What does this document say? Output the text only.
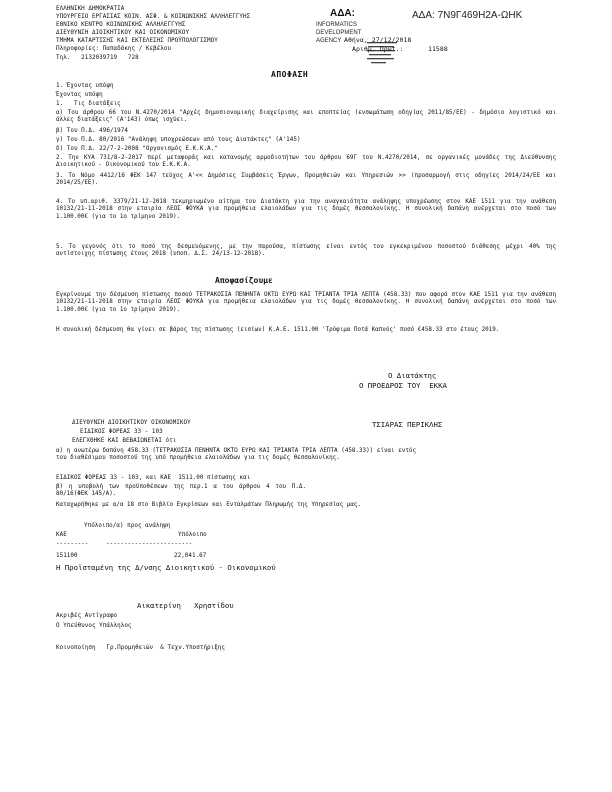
ΕΛΛΗΝΙΚΗ ΔΗΜΟΚΡΑΤΙΑ
ΥΠΟΥΡΓΕΙΟ ΕΡΓΑΣΙΑΣ ΚΟΙΝ. ΑΣΦ. & ΚΟΙΝΩΝΙΚΗΣ ΑΛΛΗΛΕΓΓΥΗΣ
ΕΘΝΙΚΟ ΚΕΝΤΡΟ ΚΟΙΝΩΝΙΚΗΣ ΑΛΛΗΛΕΓΓΥΗΣ
ΔΙΕΥΘΥΝΣΗ ΔΙΟΙΚΗΤΙΚΟΥ ΚΑΙ ΟΙΚΟΝΟΜΙΚΟΥ
ΤΜΗΜΑ ΚΑΤΑΡΤΙΣΗΣ ΚΑΙ ΕΚΤΕΛΕΣΗΣ ΠΡΟΫΠΟΛΟΓΙΣΜΟΥ
Πληροφορίες: Παπαδάκης / Κεβέλου
Τηλ.   2132039719   728
ΑΔΑ:	ΑΔΑ: 7Ν9Γ469Η2Α-ΩΗΚ
INFORMATICS
DEVELOPMENT
AGENCY

Αθήνα, 27/12/2018
Αριθμ. Πρωτ.:	11588
ΑΠΟΦΑΣΗ
1. Έχοντας υπόψη
Έχοντας υπόψη
1.   Τις διατάξεις
α) Του άρθρου 66 του Ν.4270/2014 "Αρχές δημοσιονομικής διαχείρισης και εποπτείας (ενσωμάτωση οδηγίας 2011/85/ΕΕ) - δημόσιο λογιστικό και άλλες διατάξεις" (Α'143) όπως ισχύει.
β) Του Π.Δ. 496/1974
γ) Του Π.Δ. 80/2016 "Ανάληψη υποχρεώσεων από τους Διατάκτες" (Α'145)
δ) Του Π.Δ. 22/7-2-2008 "Οργανισμός Ε.Κ.Κ.Α."
2. Την ΚΥΑ 731/8-2-2017 περί μεταφοράς και κατανομής αρμοδιοτήτων του άρθρου 69Γ του Ν.4270/2014, σε οργανικές μονάδες της Διεύθυνσης Διοικητικού - Οικονομικού του Ε.Κ.Κ.Α.
3. Το Νόμο 4412/16 ΦΕΚ 147 τεύχος Α'<< Δημόσιες Συμβάσεις Έργων, Προμηθειών και Υπηρεσιών >> (προσαρμογή στις οδηγίες 2014/24/ΕΕ και 2014/25/ΕΕ).
4. Το υπ.αριθ. 3379/21-12-2018 τεκμηριωμένο αίτημα του Διατάκτη για την αναγκαιότητα ανάληψης υποχρέωσης στον ΚΑΕ 1511 για την ανάθεση 10132/21-11-2018 στην εταιρία ΛΕΟΣ ΦΟΥΚΑ για προμήθεια ελαιολάδων για τις δομές θεσσαλονίκης. Η συνολική δαπάνη ανέρχεται στο ποσό των 1.100.00€ (για το 1ο τρίμηνο 2019).
5. Το γεγονός ότι το ποσό της δεσμευόμενης, με την παρούσα, πίστωσης είναι εντός του εγκεκριμένου ποσοστού διάθεσης μέχρι 40% της αντίστοιχης πίστωσης έτους 2018 (υποπ. Δ.Σ. 24/13-12-2018).
Αποφασίζουμε
Εγκρίνουμε την δέσμευση πίστωσης ποσού ΤΕΤΡΑΚΟΣΙΑ ΠΕΝΗΝΤΑ ΟΚΤΩ ΕΥΡΩ ΚΑΙ ΤΡΙΑΝΤΑ ΤΡΙΑ ΛΕΠΤΑ (458.33) που αφορά στον ΚΑΕ 1511 για την ανάθεση 10132/21-11-2018 στην εταιρία ΛΕΟΣ ΦΟΥΚΑ για προμήθεια ελαιολάδων για τις δομές θεσσαλονίκης. Η συνολική δαπάνη ανέρχεται στο ποσό των 1.100.00€ (για το 1ο τρίμηνο 2019).
Η συνολική δέσμευση θα γίνει σε βάρος της πίστωσης (εισίων) Κ.Α.Ε. 1511.00 'Τρόφιμα Ποτά Καπνός' ποσό €458.33 στο έτους 2019.
Ο Διατάκτης
Ο ΠΡΟΕΔΡΟΣ ΤΟΥ  ΕΚΚΑ
ΤΣΙΑΡΑΣ ΠΕΡΙΚΛΗΣ
ΔΙΕΥΘΥΝΣΗ ΔΙΟΙΚΗΤΙΚΟΥ ΟΙΚΟΝΟΜΙΚΟΥ
ΕΙΔΙΚΟΣ ΦΟΡΕΑΣ 33 - 103
ΕΛΕΓΧΘΗΚΕ ΚΑΙ ΒΕΒΑΙΩΝΕΤΑΙ ότι
α) η ανωτέρω δαπάνη 458.33 (ΤΕΤΡΑΚΟΣΙΑ ΠΕΝΗΝΤΑ ΟΚΤΩ ΕΥΡΩ ΚΑΙ ΤΡΙΑΝΤΑ ΤΡΙΑ ΛΕΠΤΑ (458.33)) είναι εντός του διαθέσιμου ποσοστού της υπό προμήθεια ελαιολάδων για τις δομές θεσσαλονίκης.
ΕΙΔΙΚΟΣ ΦΟΡΕΑΣ 33 - 103, και ΚΑΕ  1511.00 πίστωσης και
β) η υποβολή των προϋποθέσεων της περ.1 α του άρθρου 4 του Π.Δ. 80/16(ΦΕΚ 145/Α).
Καταχωρήθηκε με α/α 18 στο Βιβλίο Εγκρίσεων και Ενταλμάτων Πληρωμής της Υπηρεσίας μας.
Υπόλοιπο/α) προς ανάληψη
ΚΑΕ	Υπόλοιπο
---------	------------------------
151100	22,041.67
Η Προϊσταμένη της Δ/νσης Διοικητικού - Οικονομικού
Αικατερίνη   Χρηστίδου
Ακριβές Αντίγραφο
Ο Υπεύθυνος Υπάλληλος
Κοινοποίηση   Γρ.Προμηθειών  & Τεχν.Υποστήριξης
